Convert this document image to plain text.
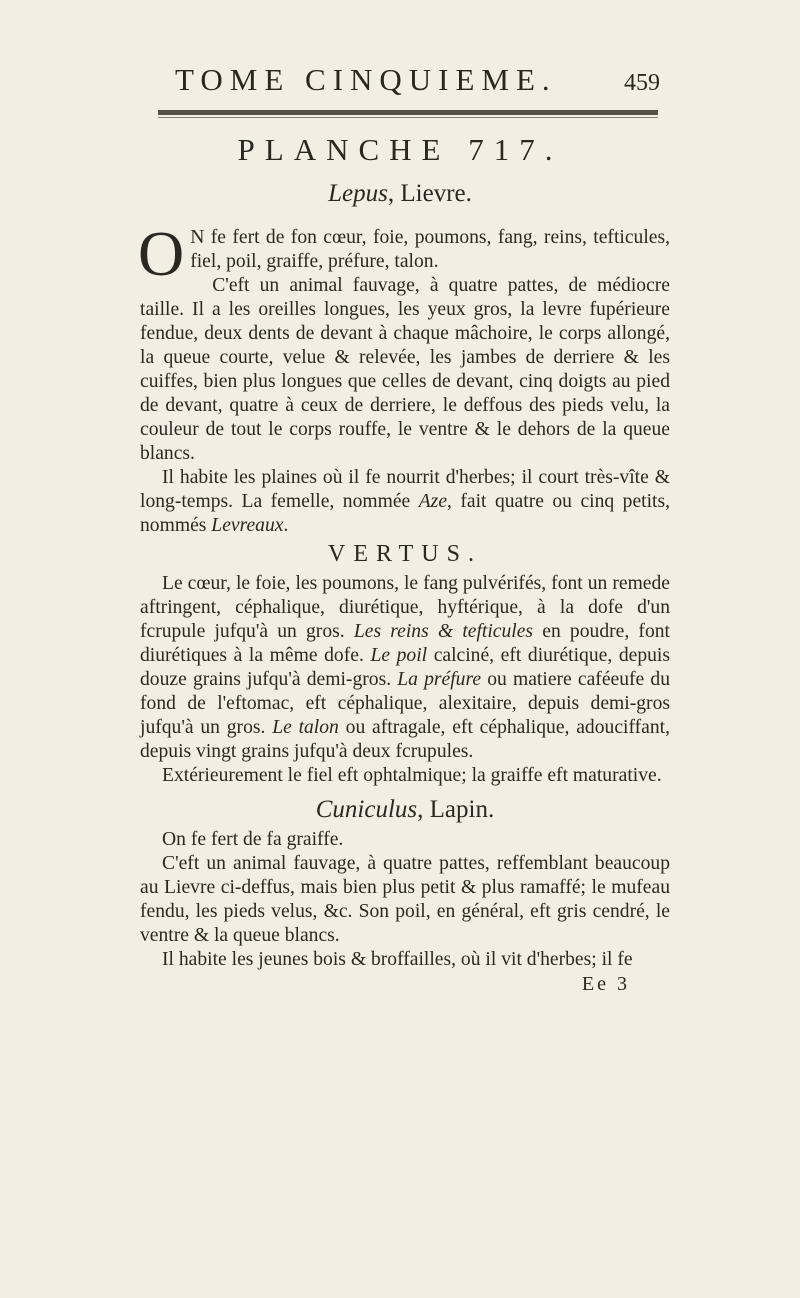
TOME CINQUIEME.	459
PLANCHE 717.
Lepus, Lievre.

O N fe fert de fon cœur, foie, poumons, fang, reins, tefticules, fiel, poil, graiffe, préfure, talon.

C'eft un animal fauvage, à quatre pattes, de médiocre taille. Il a les oreilles longues, les yeux gros, la levre fupérieure fendue, deux dents de devant à chaque mâchoire, le corps allongé, la queue courte, velue & relevée, les jambes de derriere & les cuiffes, bien plus longues que celles de devant, cinq doigts au pied de devant, quatre à ceux de derriere, le deffous des pieds velu, la couleur de tout le corps rouffe, le ventre & le dehors de la queue blancs.

Il habite les plaines où il fe nourrit d'herbes; il court très-vîte & long-temps. La femelle, nommée Aze, fait quatre ou cinq petits, nommés Levreaux.

VERTUS.

Le cœur, le foie, les poumons, le fang pulvérifés, font un remede aftringent, céphalique, diurétique, hyftérique, à la dofe d'un fcrupule jufqu'à un gros. Les reins & tefticules en poudre, font diurétiques à la même dofe. Le poil calciné, eft diurétique, depuis douze grains jufqu'à demi-gros. La préfure ou matiere caféeufe du fond de l'eftomac, eft céphalique, alexitaire, depuis demi-gros jufqu'à un gros. Le talon ou aftragale, eft céphalique, adouciffant, depuis vingt grains jufqu'à deux fcrupules.

Extérieurement le fiel eft ophtalmique; la graiffe eft maturative.

Cuniculus, Lapin.

On fe fert de fa graiffe.

C'eft un animal fauvage, à quatre pattes, reffemblant beaucoup au Lievre ci-deffus, mais bien plus petit & plus ramaffé; le mufeau fendu, les pieds velus, &c. Son poil, en général, eft gris cendré, le ventre & la queue blancs.

Il habite les jeunes bois & broffailles, où il vit d'herbes; il fe

Ee 3
